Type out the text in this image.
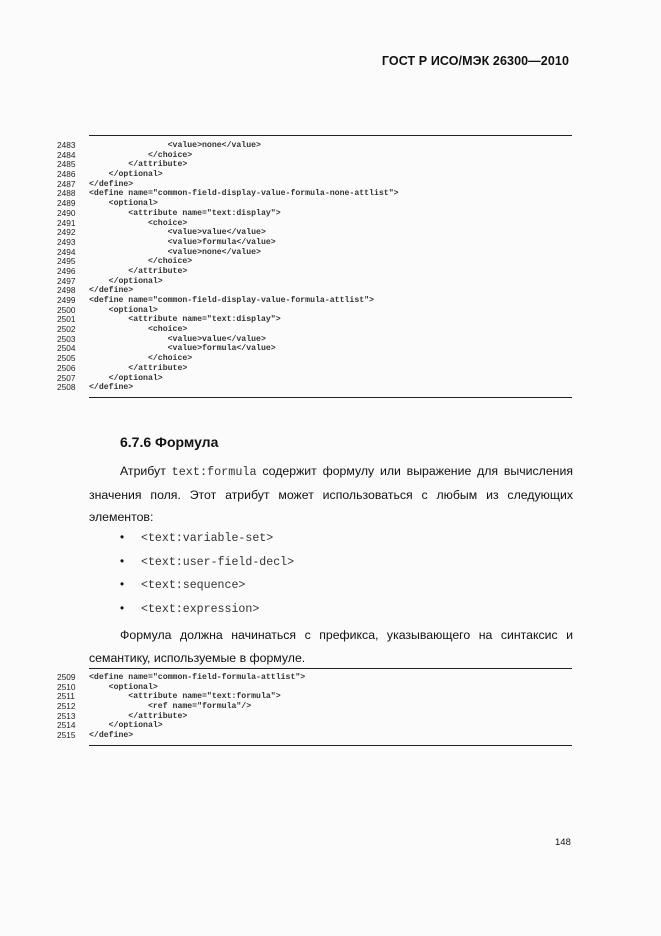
ГОСТ Р ИСО/МЭК 26300—2010
2483	<value>none</value>
2484	</choice>
2485	</attribute>
2486	</optional>
2487	</define>
2488	<define name="common-field-display-value-formula-none-attlist">
2489	<optional>
2490	<attribute name="text:display">
2491	<choice>
2492	<value>value</value>
2493	<value>formula</value>
2494	<value>none</value>
2495	</choice>
2496	</attribute>
2497	</optional>
2498	</define>
2499	<define name="common-field-display-value-formula-attlist">
2500	<optional>
2501	<attribute name="text:display">
2502	<choice>
2503	<value>value</value>
2504	<value>formula</value>
2505	</choice>
2506	</attribute>
2507	</optional>
2508	</define>
6.7.6 Формула
Атрибут text:formula содержит формулу или выражение для вычисления значения поля. Этот атрибут может использоваться с любым из следующих элементов:
• <text:variable-set>
• <text:user-field-decl>
• <text:sequence>
• <text:expression>
Формула должна начинаться с префикса, указывающего на синтаксис и семантику, используемые в формуле.
2509	<define name="common-field-formula-attlist">
2510	<optional>
2511	<attribute name="text:formula">
2512	<ref name="formula"/>
2513	</attribute>
2514	</optional>
2515	</define>
148
